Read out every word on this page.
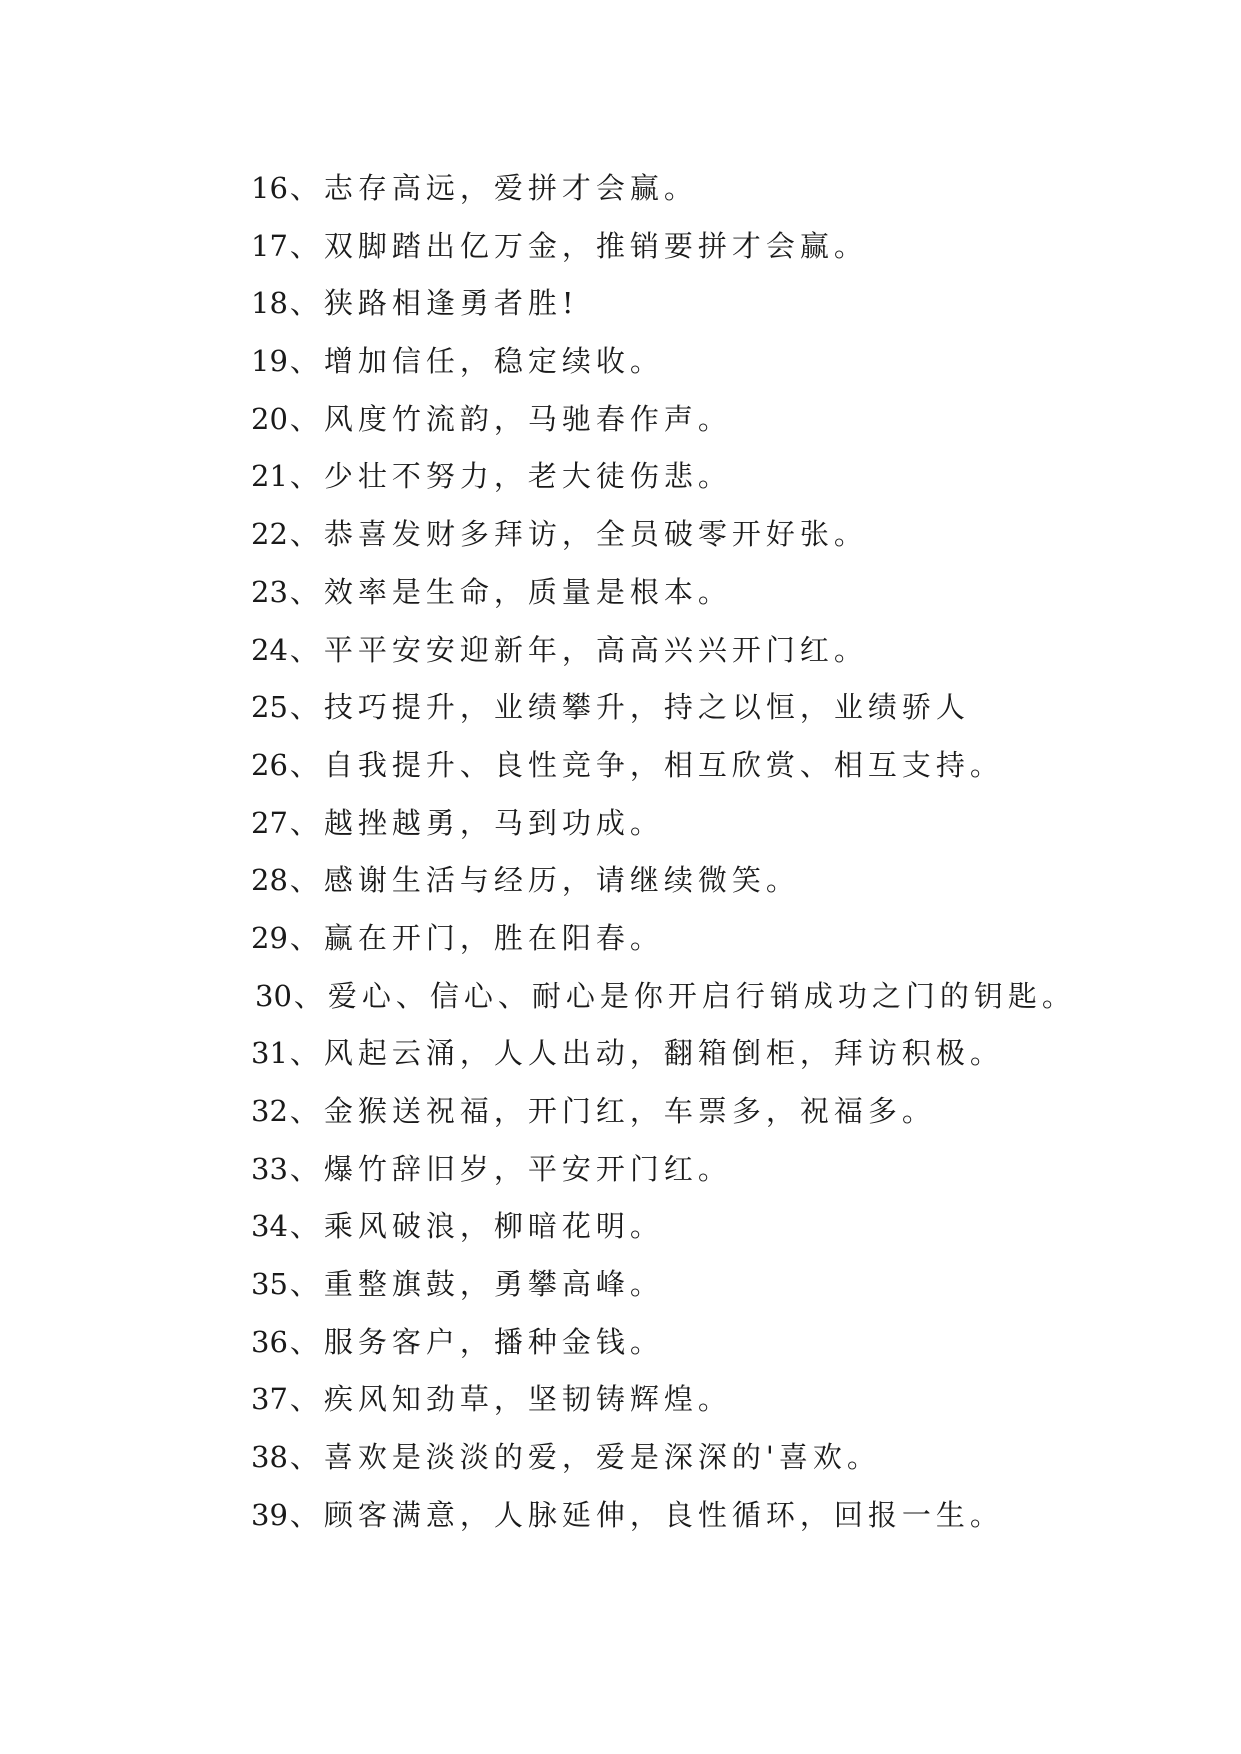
16、志存高远，爱拼才会赢。
17、双脚踏出亿万金，推销要拼才会赢。
18、狭路相逢勇者胜!
19、增加信任，稳定续收。
20、风度竹流韵，马驰春作声。
21、少壮不努力，老大徒伤悲。
22、恭喜发财多拜访，全员破零开好张。
23、效率是生命，质量是根本。
24、平平安安迎新年，高高兴兴开门红。
25、技巧提升，业绩攀升，持之以恒，业绩骄人
26、自我提升、良性竞争，相互欣赏、相互支持。
27、越挫越勇，马到功成。
28、感谢生活与经历，请继续微笑。
29、赢在开门，胜在阳春。
30、爱心、信心、耐心是你开启行销成功之门的钥匙。
31、风起云涌，人人出动，翻箱倒柜，拜访积极。
32、金猴送祝福，开门红，车票多，祝福多。
33、爆竹辞旧岁，平安开门红。
34、乘风破浪，柳暗花明。
35、重整旗鼓，勇攀高峰。
36、服务客户，播种金钱。
37、疾风知劲草，坚韧铸辉煌。
38、喜欢是淡淡的爱，爱是深深的'喜欢。
39、顾客满意，人脉延伸，良性循环，回报一生。
